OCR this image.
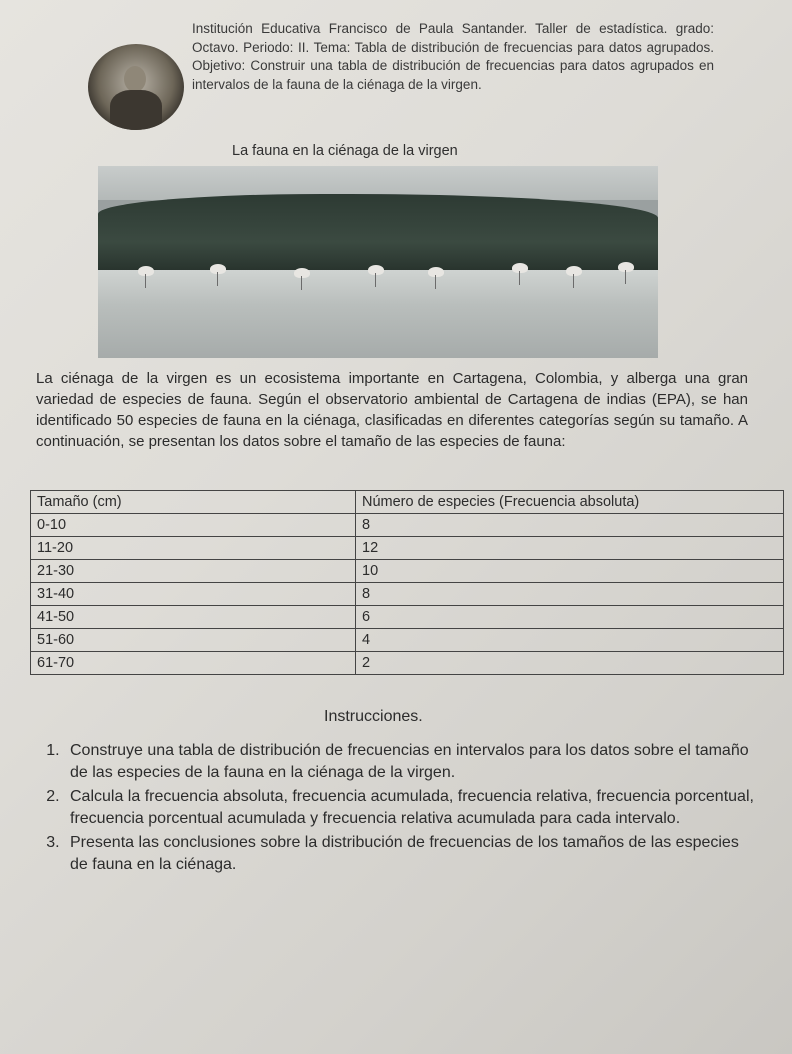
Institución Educativa Francisco de Paula Santander. Taller de estadística. grado: Octavo. Periodo: II. Tema: Tabla de distribución de frecuencias para datos agrupados. Objetivo: Construir una tabla de distribución de frecuencias para datos agrupados en intervalos de la fauna de la ciénaga de la virgen.
La fauna en la ciénaga de la virgen
La ciénaga de la virgen es un ecosistema importante en Cartagena, Colombia, y alberga una gran variedad de especies de fauna. Según el observatorio ambiental de Cartagena de indias (EPA), se han identificado 50 especies de fauna en la ciénaga, clasificadas en diferentes categorías según su tamaño. A continuación, se presentan los datos sobre el tamaño de las especies de fauna:
Tamaño (cm)	Número de especies (Frecuencia absoluta)
0-10	8
11-20	12
21-30	10
31-40	8
41-50	6
51-60	4
61-70	2
Instrucciones.
1. Construye una tabla de distribución de frecuencias en intervalos para los datos sobre el tamaño de las especies de la fauna en la ciénaga de la virgen.
2. Calcula la frecuencia absoluta, frecuencia acumulada, frecuencia relativa, frecuencia porcentual, frecuencia porcentual acumulada y frecuencia relativa acumulada para cada intervalo.
3. Presenta las conclusiones sobre la distribución de frecuencias de los tamaños de las especies de fauna en la ciénaga.
